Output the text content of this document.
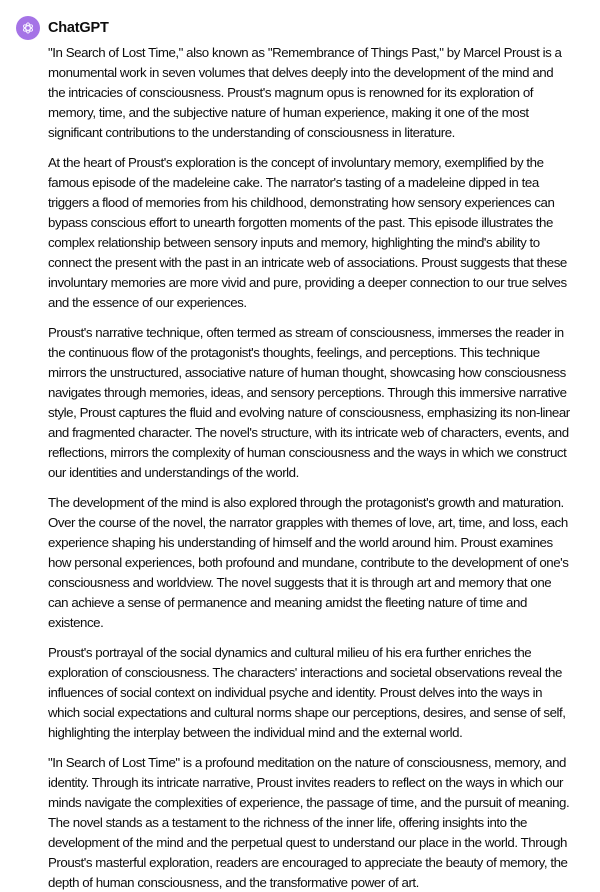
ChatGPT

"In Search of Lost Time," also known as "Remembrance of Things Past," by Marcel Proust is a monumental work in seven volumes that delves deeply into the development of the mind and the intricacies of consciousness. Proust's magnum opus is renowned for its exploration of memory, time, and the subjective nature of human experience, making it one of the most significant contributions to the understanding of consciousness in literature.

At the heart of Proust's exploration is the concept of involuntary memory, exemplified by the famous episode of the madeleine cake. The narrator's tasting of a madeleine dipped in tea triggers a flood of memories from his childhood, demonstrating how sensory experiences can bypass conscious effort to unearth forgotten moments of the past. This episode illustrates the complex relationship between sensory inputs and memory, highlighting the mind's ability to connect the present with the past in an intricate web of associations. Proust suggests that these involuntary memories are more vivid and pure, providing a deeper connection to our true selves and the essence of our experiences.

Proust's narrative technique, often termed as stream of consciousness, immerses the reader in the continuous flow of the protagonist's thoughts, feelings, and perceptions. This technique mirrors the unstructured, associative nature of human thought, showcasing how consciousness navigates through memories, ideas, and sensory perceptions. Through this immersive narrative style, Proust captures the fluid and evolving nature of consciousness, emphasizing its non-linear and fragmented character. The novel's structure, with its intricate web of characters, events, and reflections, mirrors the complexity of human consciousness and the ways in which we construct our identities and understandings of the world.

The development of the mind is also explored through the protagonist's growth and maturation. Over the course of the novel, the narrator grapples with themes of love, art, time, and loss, each experience shaping his understanding of himself and the world around him. Proust examines how personal experiences, both profound and mundane, contribute to the development of one's consciousness and worldview. The novel suggests that it is through art and memory that one can achieve a sense of permanence and meaning amidst the fleeting nature of time and existence.

Proust's portrayal of the social dynamics and cultural milieu of his era further enriches the exploration of consciousness. The characters' interactions and societal observations reveal the influences of social context on individual psyche and identity. Proust delves into the ways in which social expectations and cultural norms shape our perceptions, desires, and sense of self, highlighting the interplay between the individual mind and the external world.

"In Search of Lost Time" is a profound meditation on the nature of consciousness, memory, and identity. Through its intricate narrative, Proust invites readers to reflect on the ways in which our minds navigate the complexities of experience, the passage of time, and the pursuit of meaning. The novel stands as a testament to the richness of the inner life, offering insights into the development of the mind and the perpetual quest to understand our place in the world. Through Proust's masterful exploration, readers are encouraged to appreciate the beauty of memory, the depth of human consciousness, and the transformative power of art.
